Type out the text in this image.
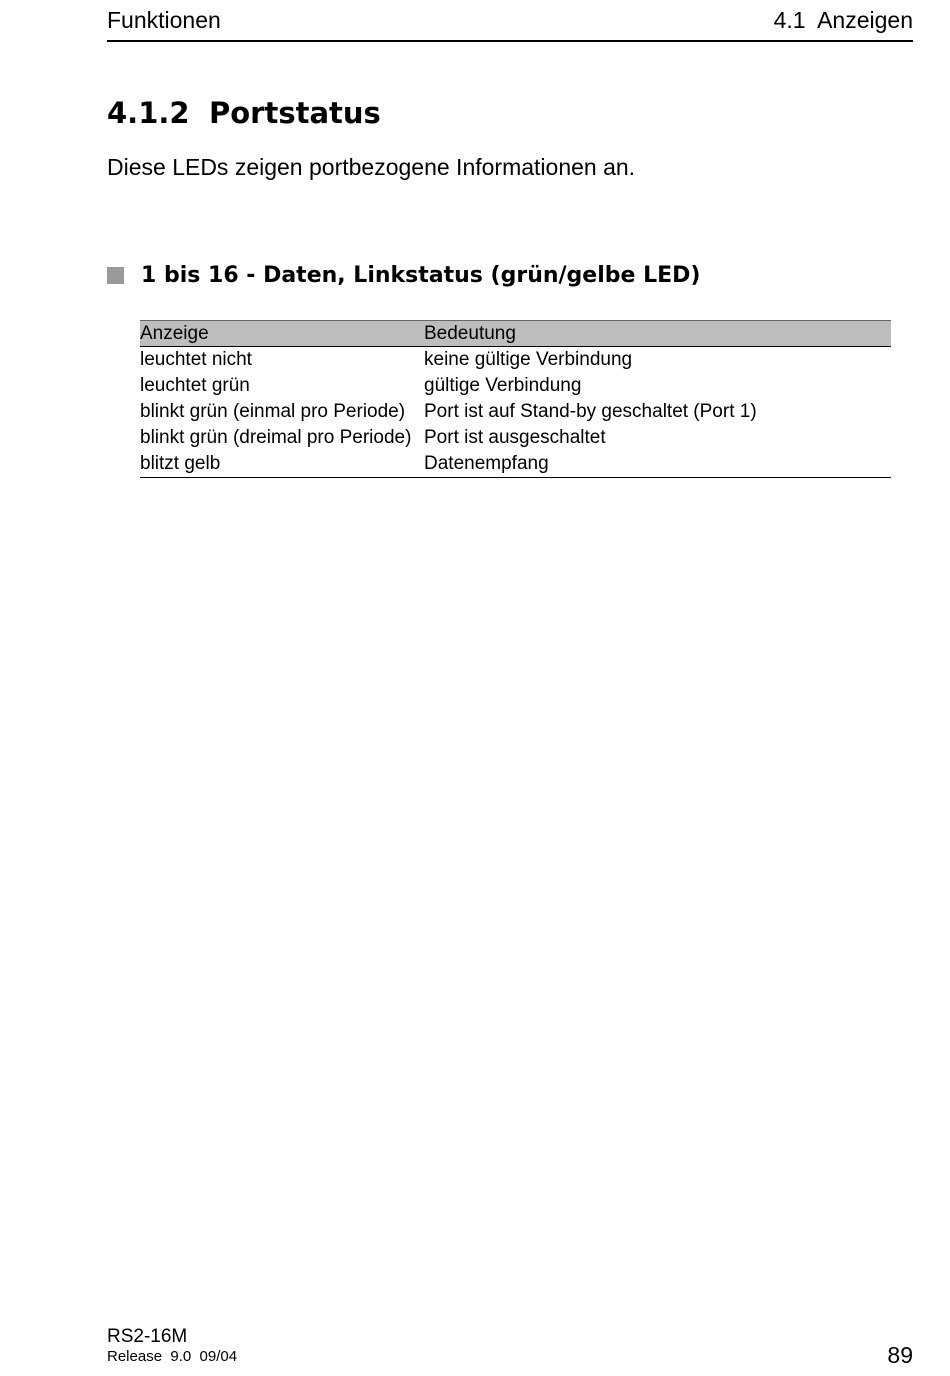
Funktionen	4.1  Anzeigen
4.1.2 Portstatus
Diese LEDs zeigen portbezogene Informationen an.
1 bis 16 - Daten, Linkstatus (grün/gelbe LED)
Anzeige	Bedeutung
leuchtet nicht	keine gültige Verbindung
leuchtet grün	gültige Verbindung
blinkt grün (einmal pro Periode)	Port ist auf Stand-by geschaltet (Port 1)
blinkt grün (dreimal pro Periode)	Port ist ausgeschaltet
blitzt gelb	Datenempfang
RS2-16M
Release  9.0  09/04	89
